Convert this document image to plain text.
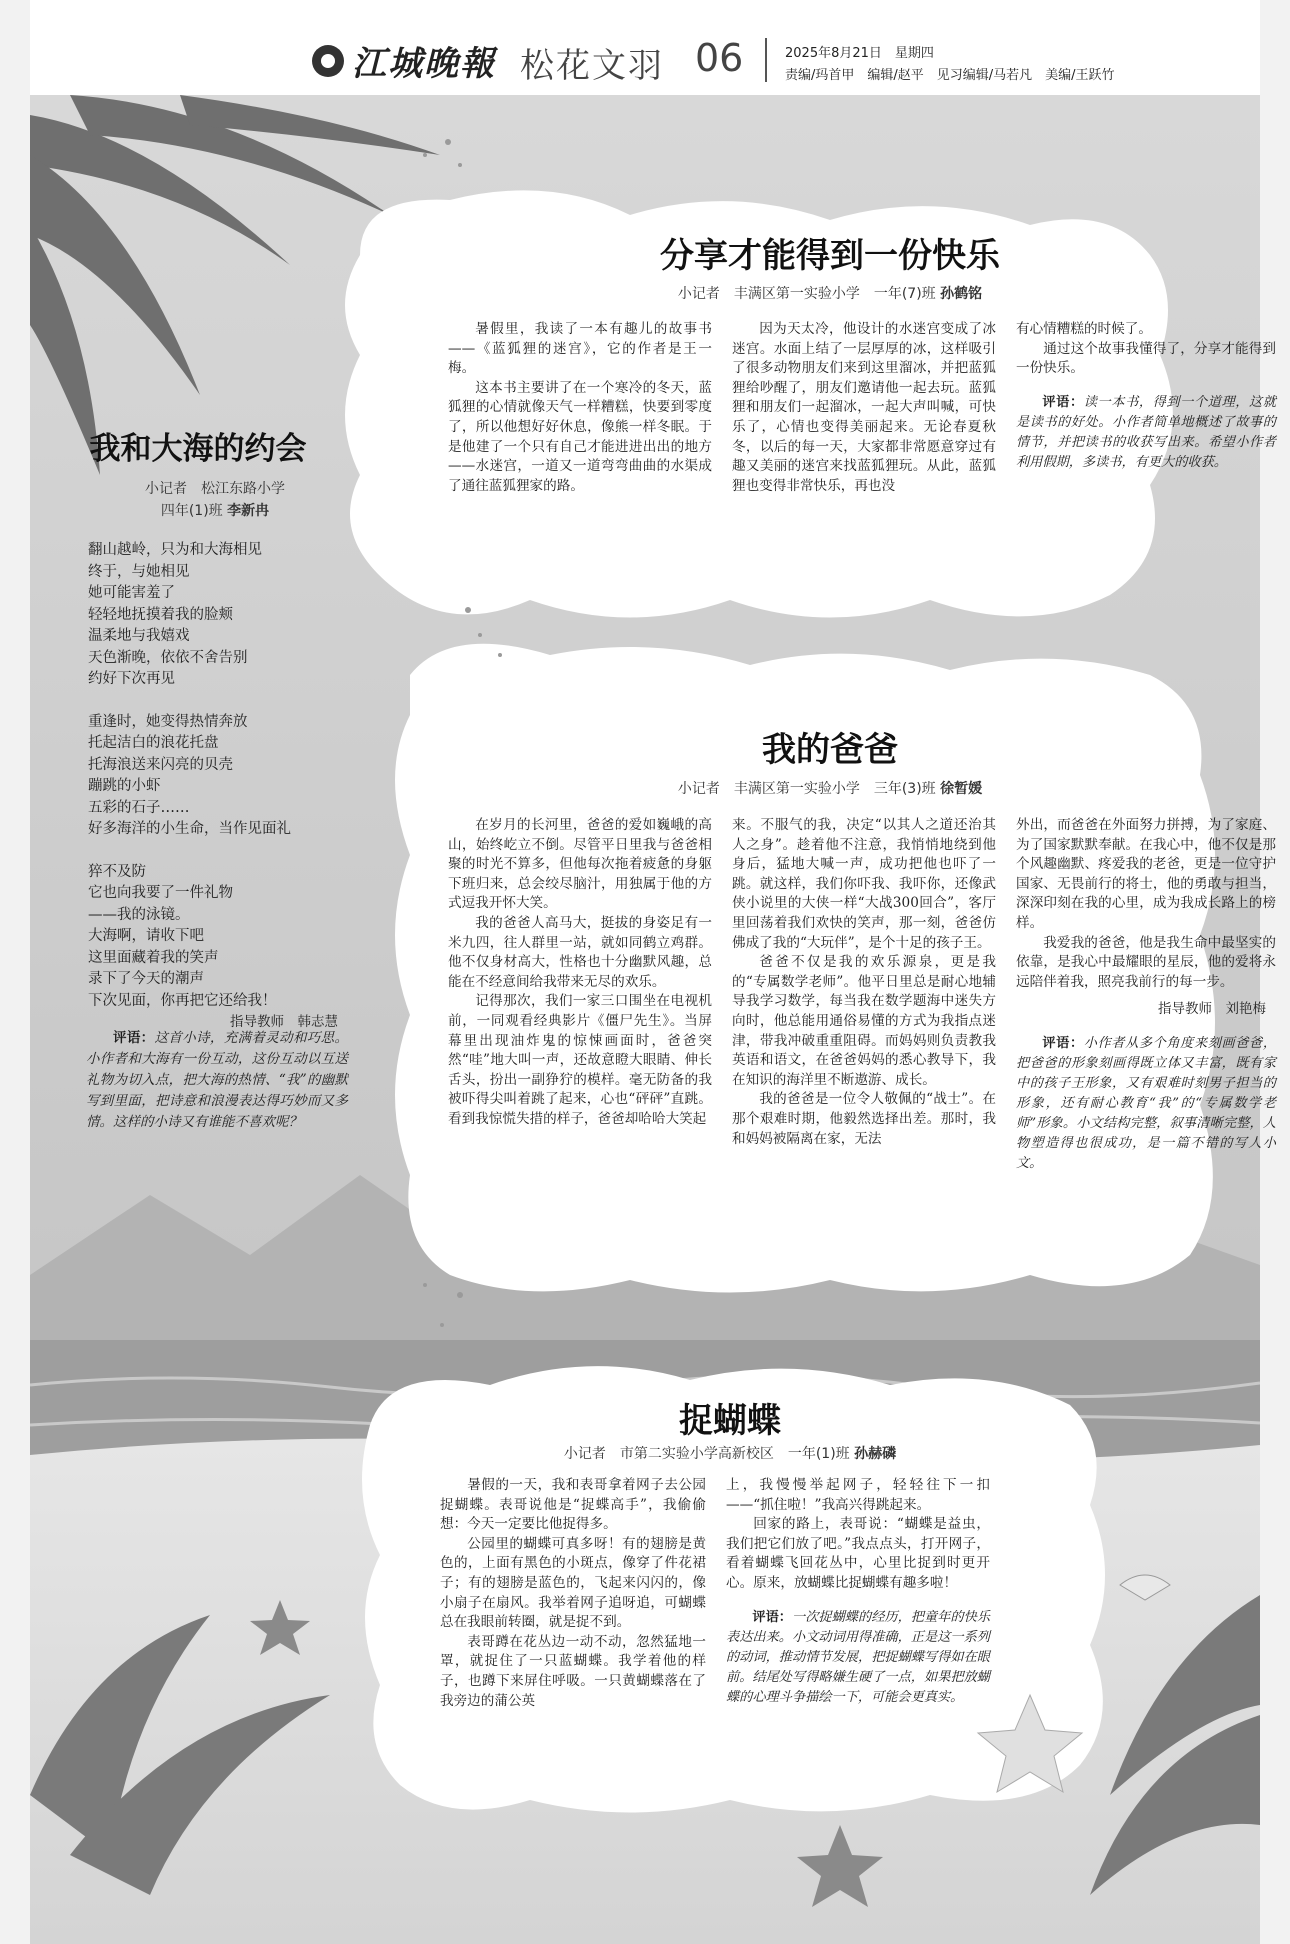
江城晚報 松花文羽 06	2025年8月21日　星期四
责编/玛首甲　编辑/赵平　见习编辑/马若凡　美编/王跃竹
我和大海的约会
小记者　松江东路小学
四年(1)班 李新冉
翻山越岭，只为和大海相见
终于，与她相见
她可能害羞了
轻轻地抚摸着我的脸颊
温柔地与我嬉戏
天色渐晚，依依不舍告别
约好下次再见
重逢时，她变得热情奔放
托起洁白的浪花托盘
托海浪送来闪亮的贝壳
蹦跳的小虾
五彩的石子……
好多海洋的小生命，当作见面礼
猝不及防
它也向我要了一件礼物
——我的泳镜。
大海啊，请收下吧
这里面藏着我的笑声
录下了今天的潮声
下次见面，你再把它还给我！
指导教师　韩志慧
评语：这首小诗，充满着灵动和巧思。小作者和大海有一份互动，这份互动以互送礼物为切入点，把大海的热情、“我”的幽默写到里面，把诗意和浪漫表达得巧妙而又多情。这样的小诗又有谁能不喜欢呢？
分享才能得到一份快乐
小记者　丰满区第一实验小学　一年(7)班 孙鹤铭

暑假里，我读了一本有趣儿的故事书——《蓝狐狸的迷宫》，它的作者是王一梅。

这本书主要讲了在一个寒冷的冬天，蓝狐狸的心情就像天气一样糟糕，快要到零度了，所以他想好好休息，像熊一样冬眠。于是他建了一个只有自己才能进进出出的地方——水迷宫，一道又一道弯弯曲曲的水渠成了通往蓝狐狸家的路。

因为天太冷，他设计的水迷宫变成了冰迷宫。水面上结了一层厚厚的冰，这样吸引了很多动物朋友们来到这里溜冰，并把蓝狐狸给吵醒了，朋友们邀请他一起去玩。蓝狐狸和朋友们一起溜冰，一起大声叫喊，可快乐了，心情也变得美丽起来。无论春夏秋冬，以后的每一天，大家都非常愿意穿过有趣又美丽的迷宫来找蓝狐狸玩。从此，蓝狐狸也变得非常快乐，再也没

有心情糟糕的时候了。

通过这个故事我懂得了，分享才能得到一份快乐。

评语：读一本书，得到一个道理，这就是读书的好处。小作者简单地概述了故事的情节，并把读书的收获写出来。希望小作者利用假期，多读书，有更大的收获。

我的爸爸
小记者　丰满区第一实验小学　三年(3)班 徐暂媛

在岁月的长河里，爸爸的爱如巍峨的高山，始终屹立不倒。尽管平日里我与爸爸相聚的时光不算多，但他每次拖着疲惫的身躯下班归来，总会绞尽脑汁，用独属于他的方式逗我开怀大笑。

我的爸爸人高马大，挺拔的身姿足有一米九四，往人群里一站，就如同鹤立鸡群。他不仅身材高大，性格也十分幽默风趣，总能在不经意间给我带来无尽的欢乐。

记得那次，我们一家三口围坐在电视机前，一同观看经典影片《僵尸先生》。当屏幕里出现油炸鬼的惊悚画面时，爸爸突然“哇”地大叫一声，还故意瞪大眼睛、伸长舌头，扮出一副狰狞的模样。毫无防备的我被吓得尖叫着跳了起来，心也“砰砰”直跳。看到我惊慌失措的样子，爸爸却哈哈大笑起

来。不服气的我，决定“以其人之道还治其人之身”。趁着他不注意，我悄悄地绕到他身后，猛地大喊一声，成功把他也吓了一跳。就这样，我们你吓我、我吓你，还像武侠小说里的大侠一样“大战300回合”，客厅里回荡着我们欢快的笑声，那一刻，爸爸仿佛成了我的“大玩伴”，是个十足的孩子王。

爸爸不仅是我的欢乐源泉，更是我的“专属数学老师”。他平日里总是耐心地辅导我学习数学，每当我在数学题海中迷失方向时，他总能用通俗易懂的方式为我指点迷津，带我冲破重重阻碍。而妈妈则负责教我英语和语文，在爸爸妈妈的悉心教导下，我在知识的海洋里不断遨游、成长。

我的爸爸是一位令人敬佩的“战士”。在那个艰难时期，他毅然选择出差。那时，我和妈妈被隔离在家，无法

外出，而爸爸在外面努力拼搏，为了家庭、为了国家默默奉献。在我心中，他不仅是那个风趣幽默、疼爱我的老爸，更是一位守护国家、无畏前行的将士，他的勇敢与担当，深深印刻在我的心里，成为我成长路上的榜样。

我爱我的爸爸，他是我生命中最坚实的依靠，是我心中最耀眼的星辰，他的爱将永远陪伴着我，照亮我前行的每一步。

指导教师　刘艳梅

评语：小作者从多个角度来刻画爸爸，把爸爸的形象刻画得既立体又丰富，既有家中的孩子王形象，又有艰难时刻男子担当的形象，还有耐心教育“我”的“专属数学老师”形象。小文结构完整，叙事清晰完整，人物塑造得也很成功，是一篇不错的写人小文。

捉蝴蝶
小记者　市第二实验小学高新校区　一年(1)班 孙赫磷

暑假的一天，我和表哥拿着网子去公园捉蝴蝶。表哥说他是“捉蝶高手”，我偷偷想：今天一定要比他捉得多。

公园里的蝴蝶可真多呀！有的翅膀是黄色的，上面有黑色的小斑点，像穿了件花裙子；有的翅膀是蓝色的，飞起来闪闪的，像小扇子在扇风。我举着网子追呀追，可蝴蝶总在我眼前转圈，就是捉不到。

表哥蹲在花丛边一动不动，忽然猛地一罩，就捉住了一只蓝蝴蝶。我学着他的样子，也蹲下来屏住呼吸。一只黄蝴蝶落在了我旁边的蒲公英

上，我慢慢举起网子，轻轻往下一扣——“抓住啦！”我高兴得跳起来。

回家的路上，表哥说：“蝴蝶是益虫，我们把它们放了吧。”我点点头，打开网子，看着蝴蝶飞回花丛中，心里比捉到时更开心。原来，放蝴蝶比捉蝴蝶有趣多啦！

评语：一次捉蝴蝶的经历，把童年的快乐表达出来。小文动词用得准确，正是这一系列的动词，推动情节发展，把捉蝴蝶写得如在眼前。结尾处写得略嫌生硬了一点，如果把放蝴蝶的心理斗争描绘一下，可能会更真实。
